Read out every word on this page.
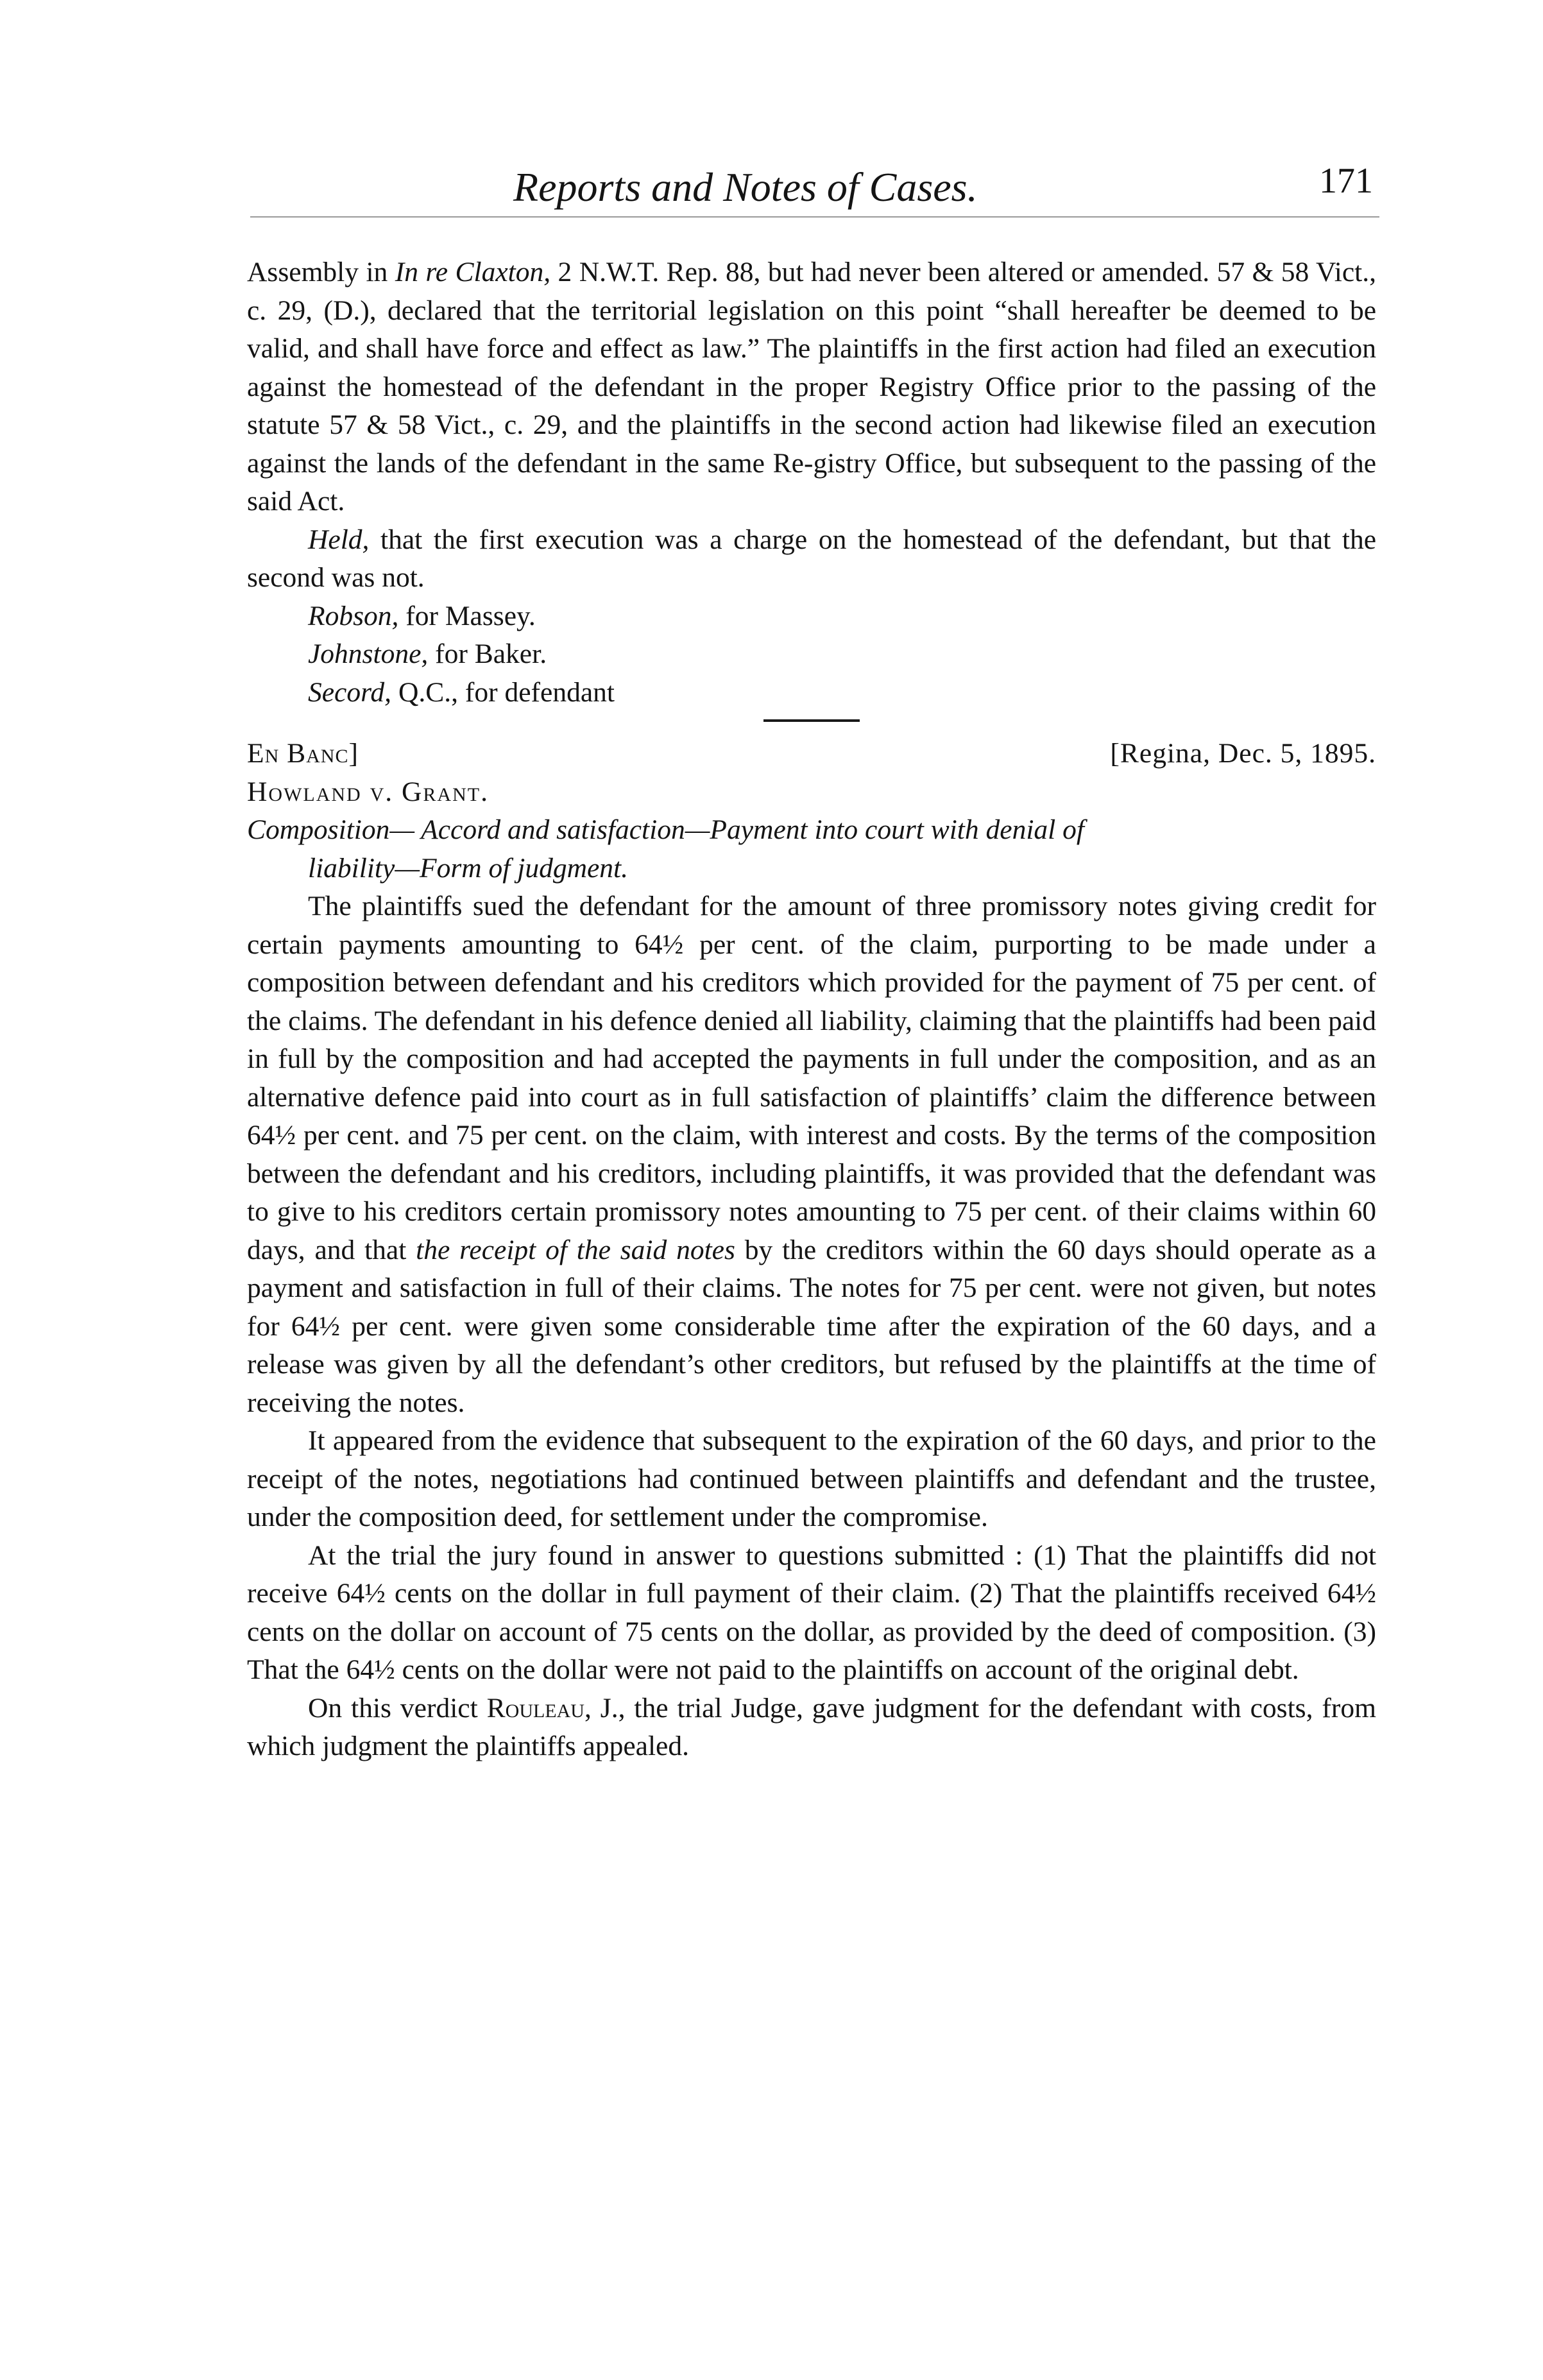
Reports and Notes of Cases.	171

Assembly in In re Claxton, 2 N.W.T. Rep. 88, but had never been altered or amended. 57 & 58 Vict., c. 29, (D.), declared that the territorial legislation on this point “shall hereafter be deemed to be valid, and shall have force and effect as law.” The plaintiffs in the first action had filed an execution against the homestead of the defendant in the proper Registry Office prior to the passing of the statute 57 & 58 Vict., c. 29, and the plaintiffs in the second action had likewise filed an execution against the lands of the defendant in the same Re-gistry Office, but subsequent to the passing of the said Act.

Held, that the first execution was a charge on the homestead of the defendant, but that the second was not.

Robson, for Massey.

Johnstone, for Baker.

Secord, Q.C., for defendant

En Banc]	[Regina, Dec. 5, 1895.

Howland v. Grant.

Composition— Accord and satisfaction—Payment into court with denial of

liability—Form of judgment.

The plaintiffs sued the defendant for the amount of three promissory notes giving credit for certain payments amounting to 64½ per cent. of the claim, purporting to be made under a composition between defendant and his creditors which provided for the payment of 75 per cent. of the claims. The defendant in his defence denied all liability, claiming that the plaintiffs had been paid in full by the composition and had accepted the payments in full under the composition, and as an alternative defence paid into court as in full satisfaction of plaintiffs’ claim the difference between 64½ per cent. and 75 per cent. on the claim, with interest and costs. By the terms of the composition between the defendant and his creditors, including plaintiffs, it was provided that the defendant was to give to his creditors certain promissory notes amounting to 75 per cent. of their claims within 60 days, and that the receipt of the said notes by the creditors within the 60 days should operate as a payment and satisfaction in full of their claims. The notes for 75 per cent. were not given, but notes for 64½ per cent. were given some considerable time after the expiration of the 60 days, and a release was given by all the defendant’s other creditors, but refused by the plaintiffs at the time of receiving the notes.

It appeared from the evidence that subsequent to the expiration of the 60 days, and prior to the receipt of the notes, negotiations had continued between plaintiffs and defendant and the trustee, under the composition deed, for settlement under the compromise.

At the trial the jury found in answer to questions submitted : (1) That the plaintiffs did not receive 64½ cents on the dollar in full payment of their claim. (2) That the plaintiffs received 64½ cents on the dollar on account of 75 cents on the dollar, as provided by the deed of composition. (3) That the 64½ cents on the dollar were not paid to the plaintiffs on account of the original debt.

On this verdict Rouleau, J., the trial Judge, gave judgment for the defendant with costs, from which judgment the plaintiffs appealed.
